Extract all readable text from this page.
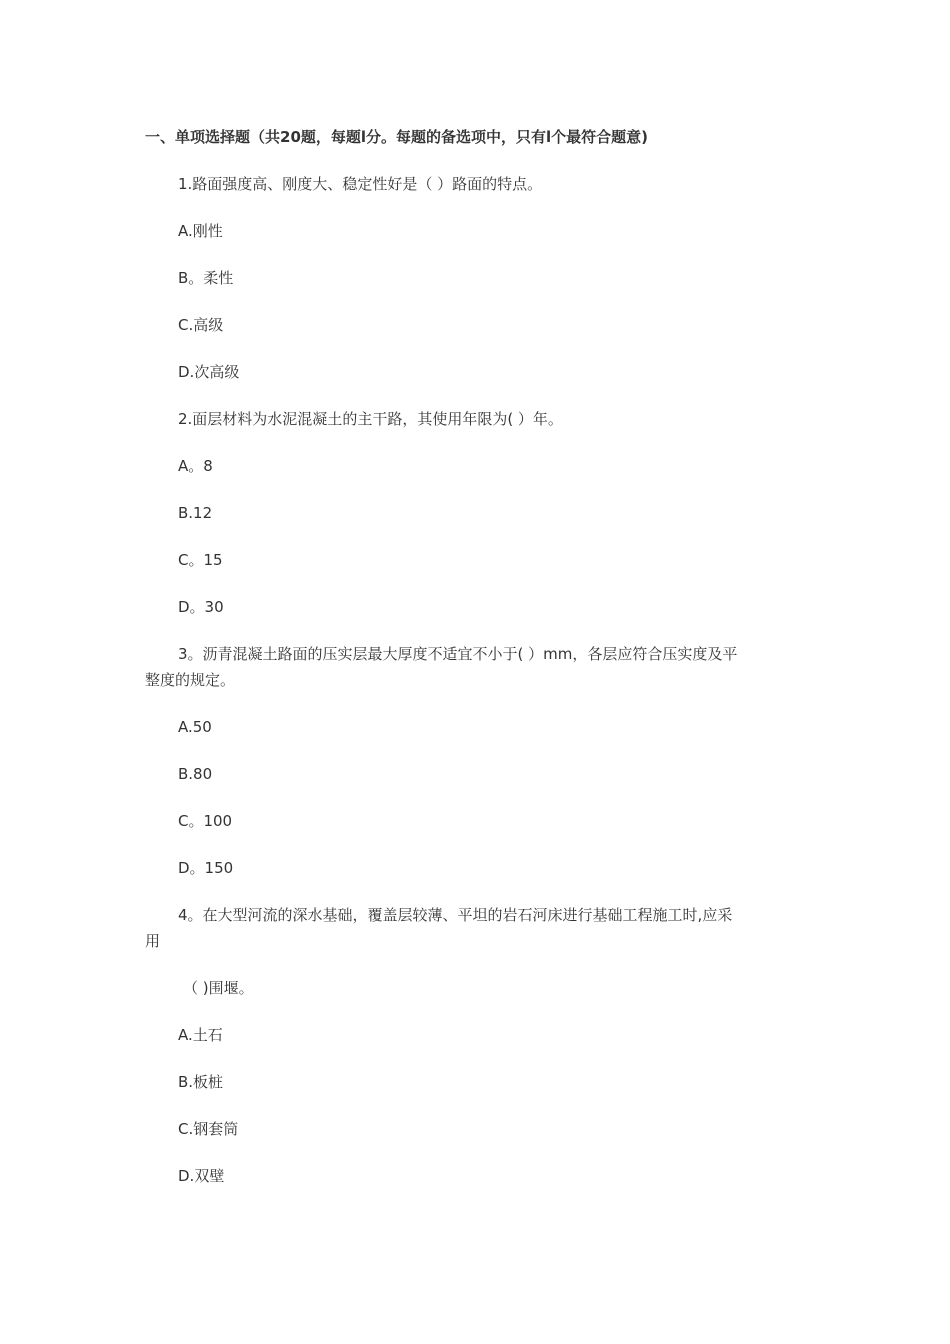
一、单项选择题（共20题，每题l分。每题的备选项中，只有l个最符合题意)

1.路面强度高、刚度大、稳定性好是（ ）路面的特点。

A.刚性

B。柔性

C.高级

D.次高级

2.面层材料为水泥混凝土的主干路，其使用年限为( ）年。

A。8

B.12

C。15

D。30

3。沥青混凝土路面的压实层最大厚度不适宜不小于( ）mm，各层应符合压实度及平

整度的规定。

A.50

B.80

C。100

D。150

4。在大型河流的深水基础，覆盖层较薄、平坦的岩石河床进行基础工程施工时,应采

用

（ )围堰。

A.土石

B.板桩

C.钢套筒

D.双壁
